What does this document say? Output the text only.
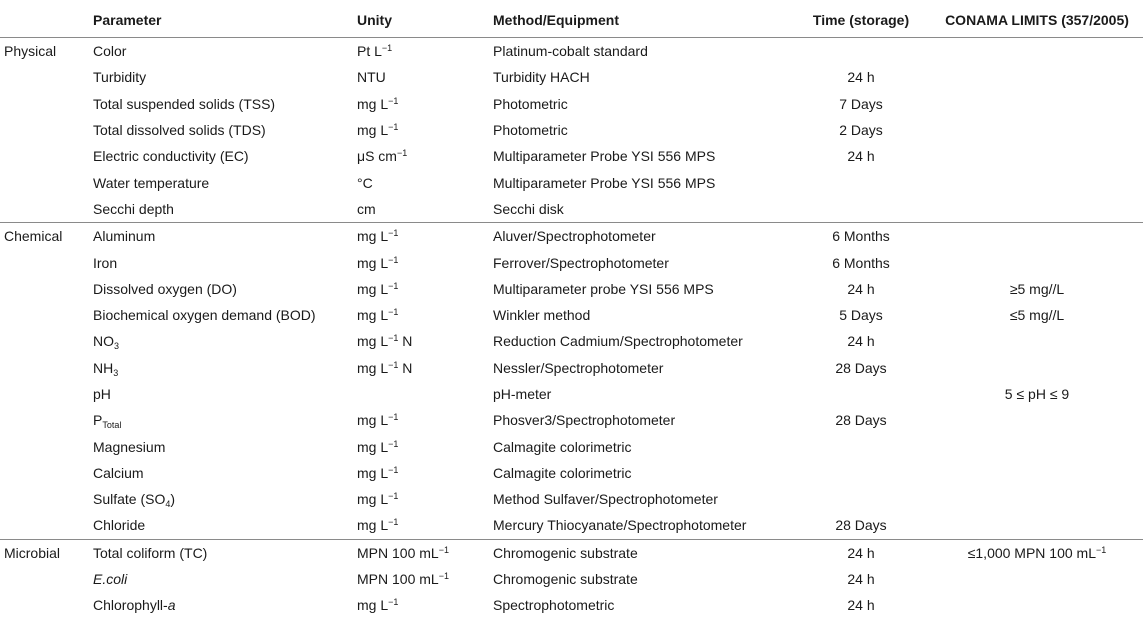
	Parameter	Unity	Method/Equipment	Time (storage)	CONAMA LIMITS (357/2005)
Physical	Color	Pt $L^{-1}$	Platinum-cobalt standard		
	Turbidity	NTU	Turbidity HACH	24 h	
	Total suspended solids (TSS)	mg $L^{-1}$	Photometric	7 Days	
	Total dissolved solids (TDS)	mg $L^{-1}$	Photometric	2 Days	
	Electric conductivity (EC)	μS $cm^{-1}$	Multiparameter Probe YSI 556 MPS	24 h	
	Water temperature	°C	Multiparameter Probe YSI 556 MPS		
	Secchi depth	cm	Secchi disk		
Chemical	Aluminum	mg $L^{-1}$	Aluver/Spectrophotometer	6 Months	
	Iron	mg $L^{-1}$	Ferrover/Spectrophotometer	6 Months	
	Dissolved oxygen (DO)	mg $L^{-1}$	Multiparameter probe YSI 556 MPS	24 h	≥5 mg//L
	Biochemical oxygen demand (BOD)	mg $L^{-1}$	Winkler method	5 Days	≤5 mg//L
	$NO_3$	mg $L^{-1}$ N	Reduction Cadmium/Spectrophotometer	24 h	
	$NH_3$	mg $L^{-1}$ N	Nessler/Spectrophotometer	28 Days	
	pH		pH-meter		5 ≤ pH ≤ 9
	$P_{Total}$	mg $L^{-1}$	Phosver3/Spectrophotometer	28 Days	
	Magnesium	mg $L^{-1}$	Calmagite colorimetric		
	Calcium	mg $L^{-1}$	Calmagite colorimetric		
	Sulfate $(SO_4)$	mg $L^{-1}$	Method Sulfaver/Spectrophotometer		
	Chloride	mg $L^{-1}$	Mercury Thiocyanate/Spectrophotometer	28 Days	
Microbial	Total coliform (TC)	MPN 100 $mL^{-1}$	Chromogenic substrate	24 h	≤1,000 MPN 100 $mL^{-1}$
	E.coli	MPN 100 $mL^{-1}$	Chromogenic substrate	24 h	
	Chlorophyll-a	mg $L^{-1}$	Spectrophotometric	24 h	
